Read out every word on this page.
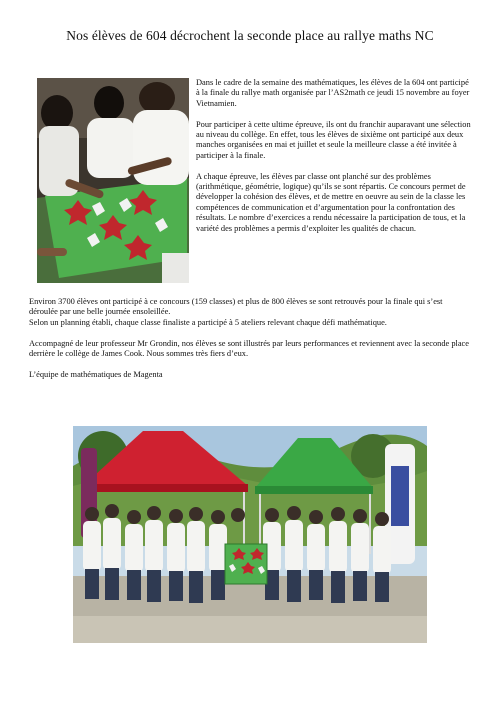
Nos élèves de 604 décrochent la seconde place au rallye maths NC

Dans le cadre de la semaine des mathématiques, les élèves de la 604 ont participé à la finale du rallye math organisée par l’AS2math ce jeudi 15 novembre au foyer Vietnamien.

Pour participer à cette ultime épreuve, ils ont du franchir auparavant une sélection au niveau du collège. En effet, tous les élèves de sixième ont participé aux deux manches organisées en mai et juillet et seule la meilleure classe a été invitée à participer à la finale.

A chaque épreuve, les élèves par classe ont planché sur des problèmes (arithmétique, géométrie, logique) qu’ils se sont répartis. Ce concours permet de développer la cohésion des élèves, et de mettre en oeuvre au sein de la classe les compétences de communication et d’argumentation pour la confrontation des résultats. Le nombre d’exercices a rendu nécessaire la participation de tous, et la variété des problèmes a permis d’exploiter les qualités de chacun.

Environ 3700 élèves ont participé à ce concours (159 classes) et plus de 800 élèves se sont retrouvés pour la finale qui s’est déroulée par une belle journée ensoleillée.

Selon un planning établi, chaque classe finaliste a participé à 5 ateliers relevant chaque défi mathématique.

Accompagné de leur professeur Mr Grondin, nos élèves se sont illustrés par leurs performances et reviennent avec la seconde place derrière le collège de James Cook. Nous sommes très fiers d’eux.

L’équipe de mathématiques de Magenta
